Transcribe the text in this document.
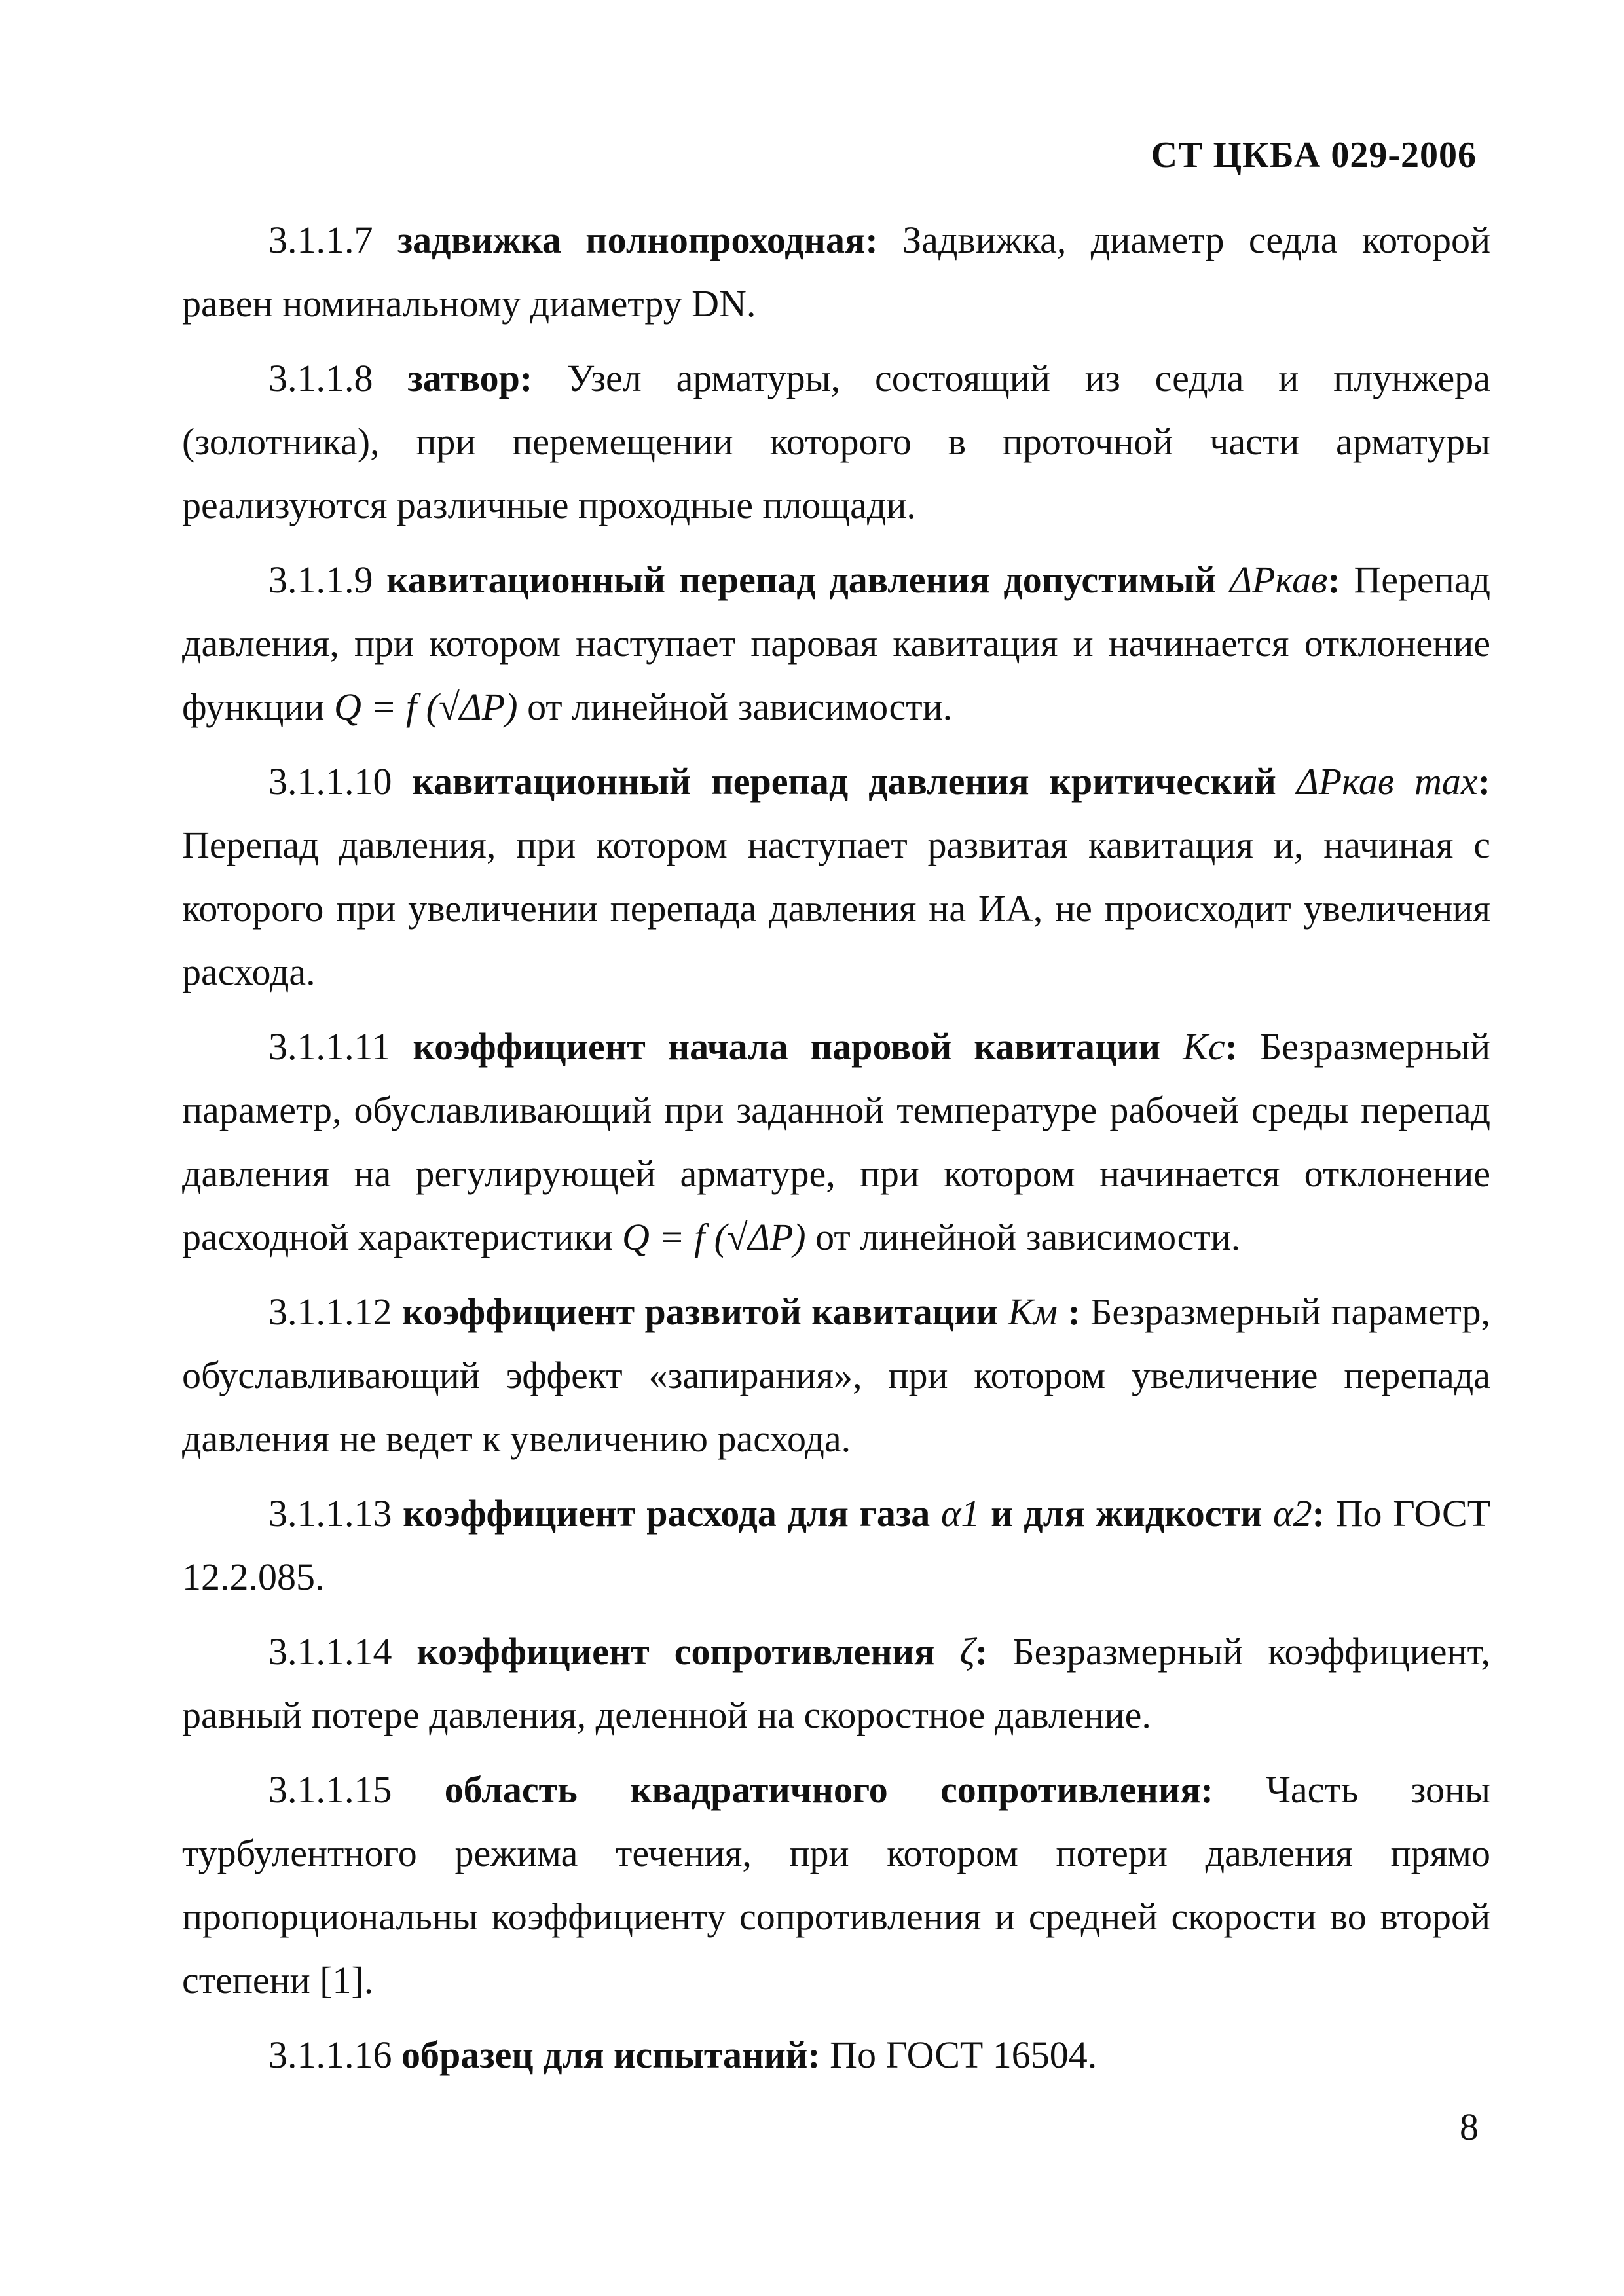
СТ ЦКБА 029-2006

3.1.1.7 задвижка полнопроходная: Задвижка, диаметр седла которой равен номинальному диаметру DN.

3.1.1.8 затвор: Узел арматуры, состоящий из седла и плунжера (золотника), при перемещении которого в проточной части арматуры реализуются различные проходные площади.

3.1.1.9 кавитационный перепад давления допустимый ΔPкав: Перепад давления, при котором наступает паровая кавитация и начинается отклонение функции Q = f (√ΔP) от линейной зависимости.

3.1.1.10 кавитационный перепад давления критический ΔPкав max: Перепад давления, при котором наступает развитая кавитация и, начиная с которого при увеличении перепада давления на ИА, не происходит увеличения расхода.

3.1.1.11 коэффициент начала паровой кавитации Kc: Безразмерный параметр, обуславливающий при заданной температуре рабочей среды перепад давления на регулирующей арматуре, при котором начинается отклонение расходной характеристики Q = f (√ΔP) от линейной зависимости.

3.1.1.12 коэффициент развитой кавитации Kм : Безразмерный параметр, обуславливающий эффект «запирания», при котором увеличение перепада давления не ведет к увеличению расхода.

3.1.1.13 коэффициент расхода для газа α1 и для жидкости α2: По ГОСТ 12.2.085.

3.1.1.14 коэффициент сопротивления ζ: Безразмерный коэффициент, равный потере давления, деленной на скоростное давление.

3.1.1.15 область квадратичного сопротивления: Часть зоны турбулентного режима течения, при котором потери давления прямо пропорциональны коэффициенту сопротивления и средней скорости во второй степени [1].

3.1.1.16 образец для испытаний: По ГОСТ 16504.

8
